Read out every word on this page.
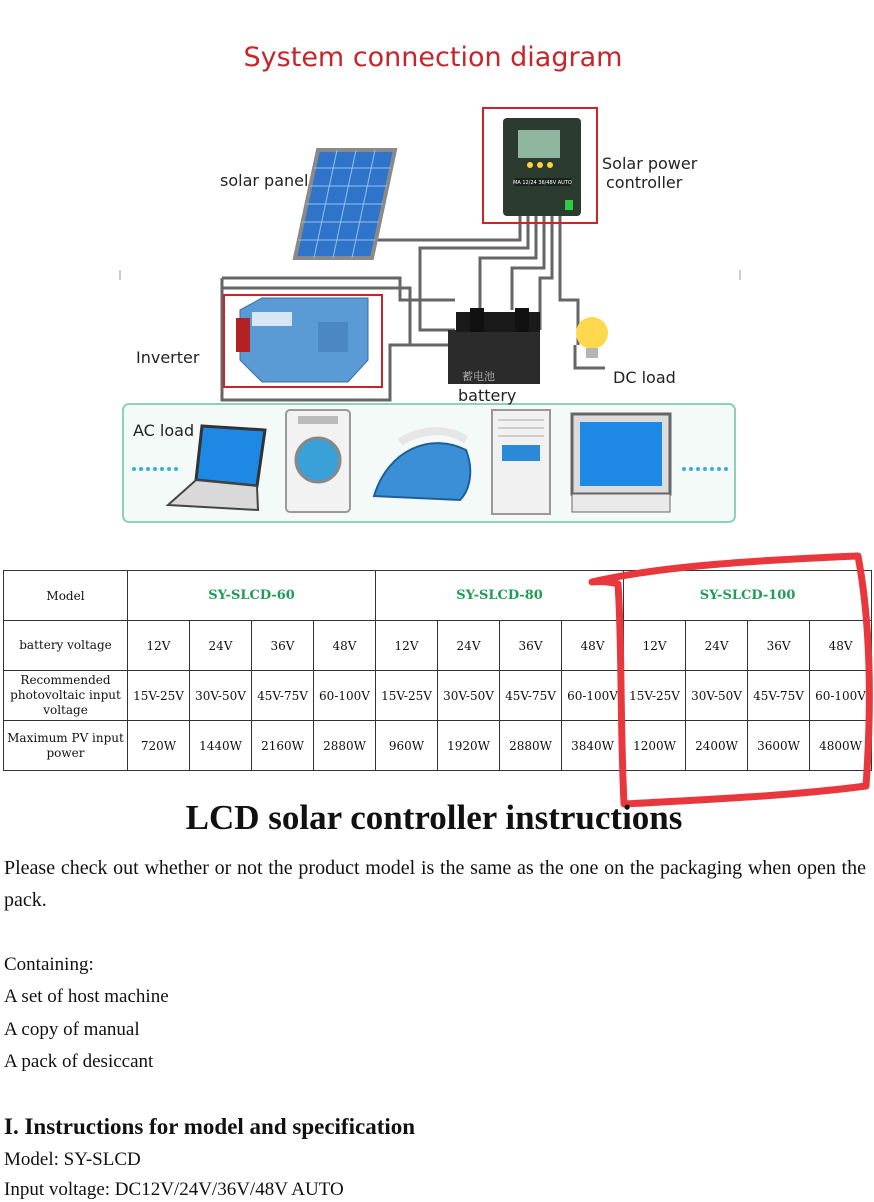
System connection diagram
MA 12/24 36/48V AUTO
蓄电池
solar panel
Solar power
controller
Inverter
DC load
battery
AC load
Model	SY-SLCD-60				SY-SLCD-80				SY-SLCD-100			
battery voltage	12V	24V	36V	48V	12V	24V	36V	48V	12V	24V	36V	48V
Recommended photovoltaic input voltage	15V-25V	30V-50V	45V-75V	60-100V	15V-25V	30V-50V	45V-75V	60-100V	15V-25V	30V-50V	45V-75V	60-100V
Maximum PV input power	720W	1440W	2160W	2880W	960W	1920W	2880W	3840W	1200W	2400W	3600W	4800W
LCD solar controller instructions
Please check out whether or not the product model is the same as the one on the packaging when open the pack.
Containing:
A set of host machine
A copy of manual
A pack of desiccant
I. Instructions for model and specification
Model: SY-SLCD
Input voltage: DC12V/24V/36V/48V AUTO
